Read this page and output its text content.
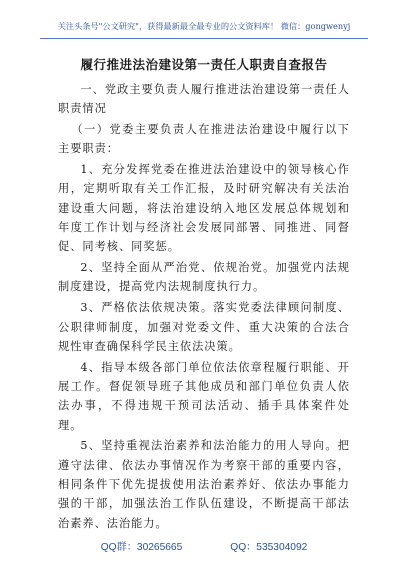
关注头条号"公文研究"，获得最新最全最专业的公文资料库！ 微信：gongwenyj
履行推进法治建设第一责任人职责自查报告

一、党政主要负责人履行推进法治建设第一责任人职责情况

（一）党委主要负责人在推进法治建设中履行以下主要职责：

1、充分发挥党委在推进法治建设中的领导核心作用，定期听取有关工作汇报，及时研究解决有关法治建设重大问题，将法治建设纳入地区发展总体规划和年度工作计划与经济社会发展同部署、同推进、同督促、同考核、同奖惩。

2、坚持全面从严治党、依规治党。加强党内法规制度建设，提高党内法规制度执行力。

3、严格依法依规决策。落实党委法律顾问制度、公职律师制度，加强对党委文件、重大决策的合法合规性审查确保科学民主依法决策。

4、指导本级各部门单位依法依章程履行职能、开展工作。督促领导班子其他成员和部门单位负责人依法办事，不得违规干预司法活动、插手具体案件处理。

5、坚持重视法治素养和法治能力的用人导向。把遵守法律、依法办事情况作为考察干部的重要内容，相同条件下优先提拔使用法治素养好、依法办事能力强的干部，加强法治工作队伍建设，不断提高干部法治素养、法治能力。

QQ群：30265665	QQ：535304092
